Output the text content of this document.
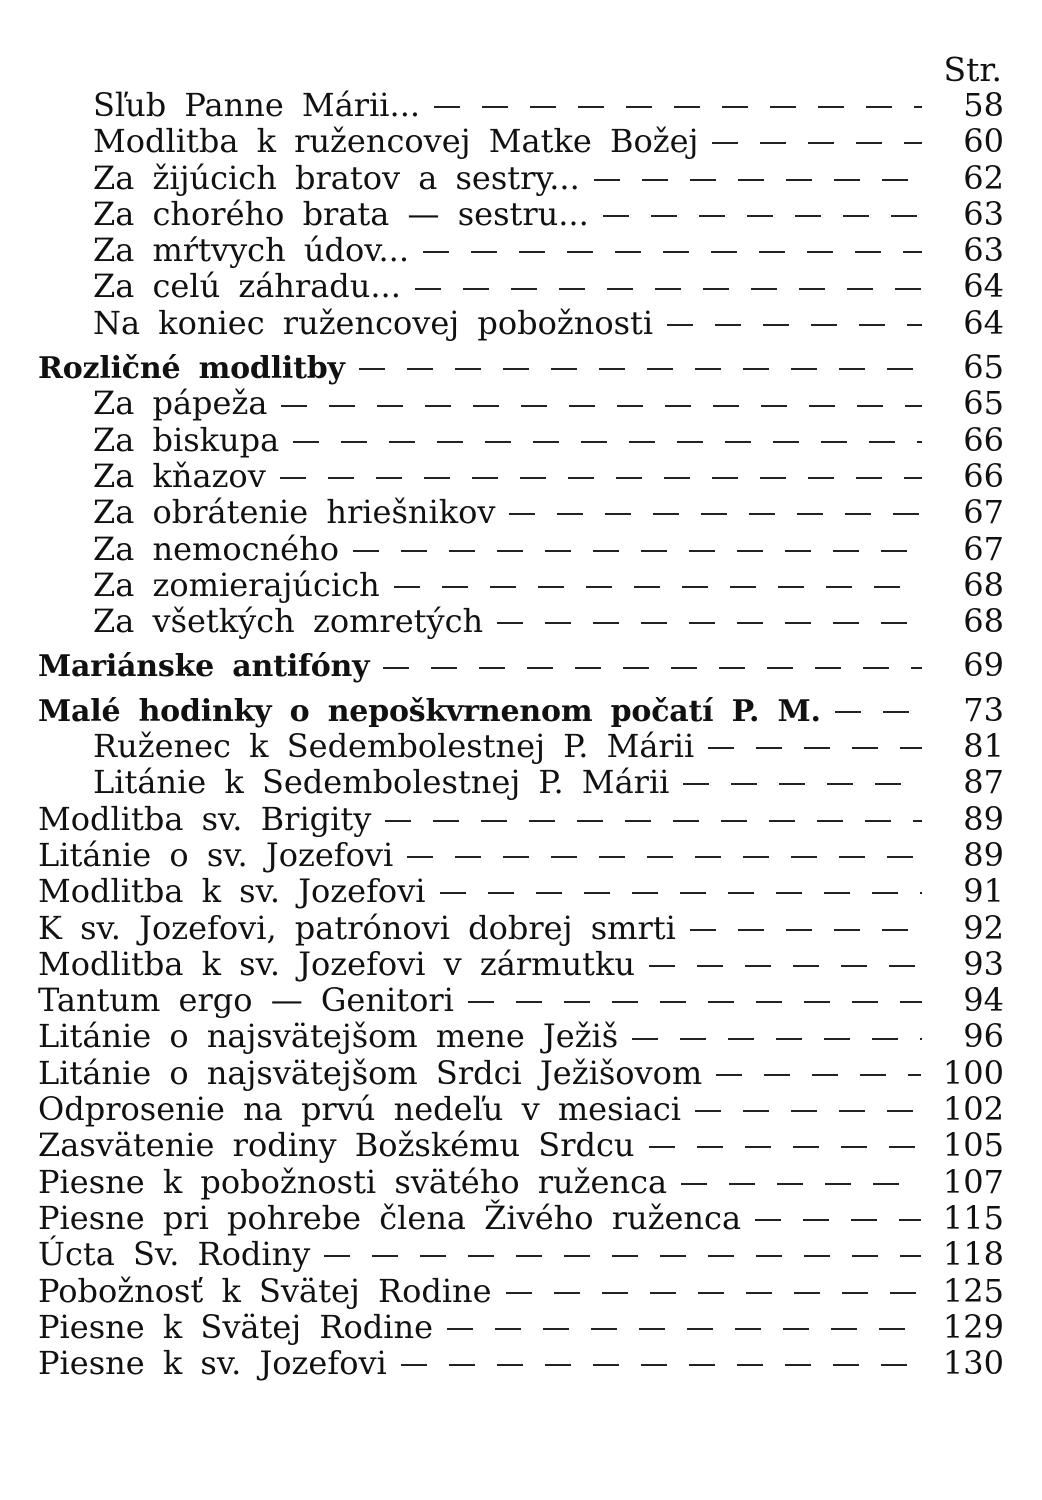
Str.
Sľub Panne Márii...	58
Modlitba k ružencovej Matke Božej	60
Za žijúcich bratov a sestry...	62
Za chorého brata — sestru...	63
Za mŕtvych údov...	63
Za celú záhradu...	64
Na koniec ružencovej pobožnosti	64
Rozličné modlitby	65
Za pápeža	65
Za biskupa	66
Za kňazov	66
Za obrátenie hriešnikov	67
Za nemocného	67
Za zomierajúcich	68
Za všetkých zomretých	68
Mariánske antifóny	69
Malé hodinky o nepoškvrnenom počatí P. M.	73
Ruženec k Sedembolestnej P. Márii	81
Litánie k Sedembolestnej P. Márii	87
Modlitba sv. Brigity	89
Litánie o sv. Jozefovi	89
Modlitba k sv. Jozefovi	91
K sv. Jozefovi, patrónovi dobrej smrti	92
Modlitba k sv. Jozefovi v zármutku	93
Tantum ergo — Genitori	94
Litánie o najsvätejšom mene Ježiš	96
Litánie o najsvätejšom Srdci Ježišovom	100
Odprosenie na prvú nedeľu v mesiaci	102
Zasvätenie rodiny Božskému Srdcu	105
Piesne k pobožnosti svätého ruženca	107
Piesne pri pohrebe člena Živého ruženca	115
Úcta Sv. Rodiny	118
Pobožnosť k Svätej Rodine	125
Piesne k Svätej Rodine	129
Piesne k sv. Jozefovi	130
